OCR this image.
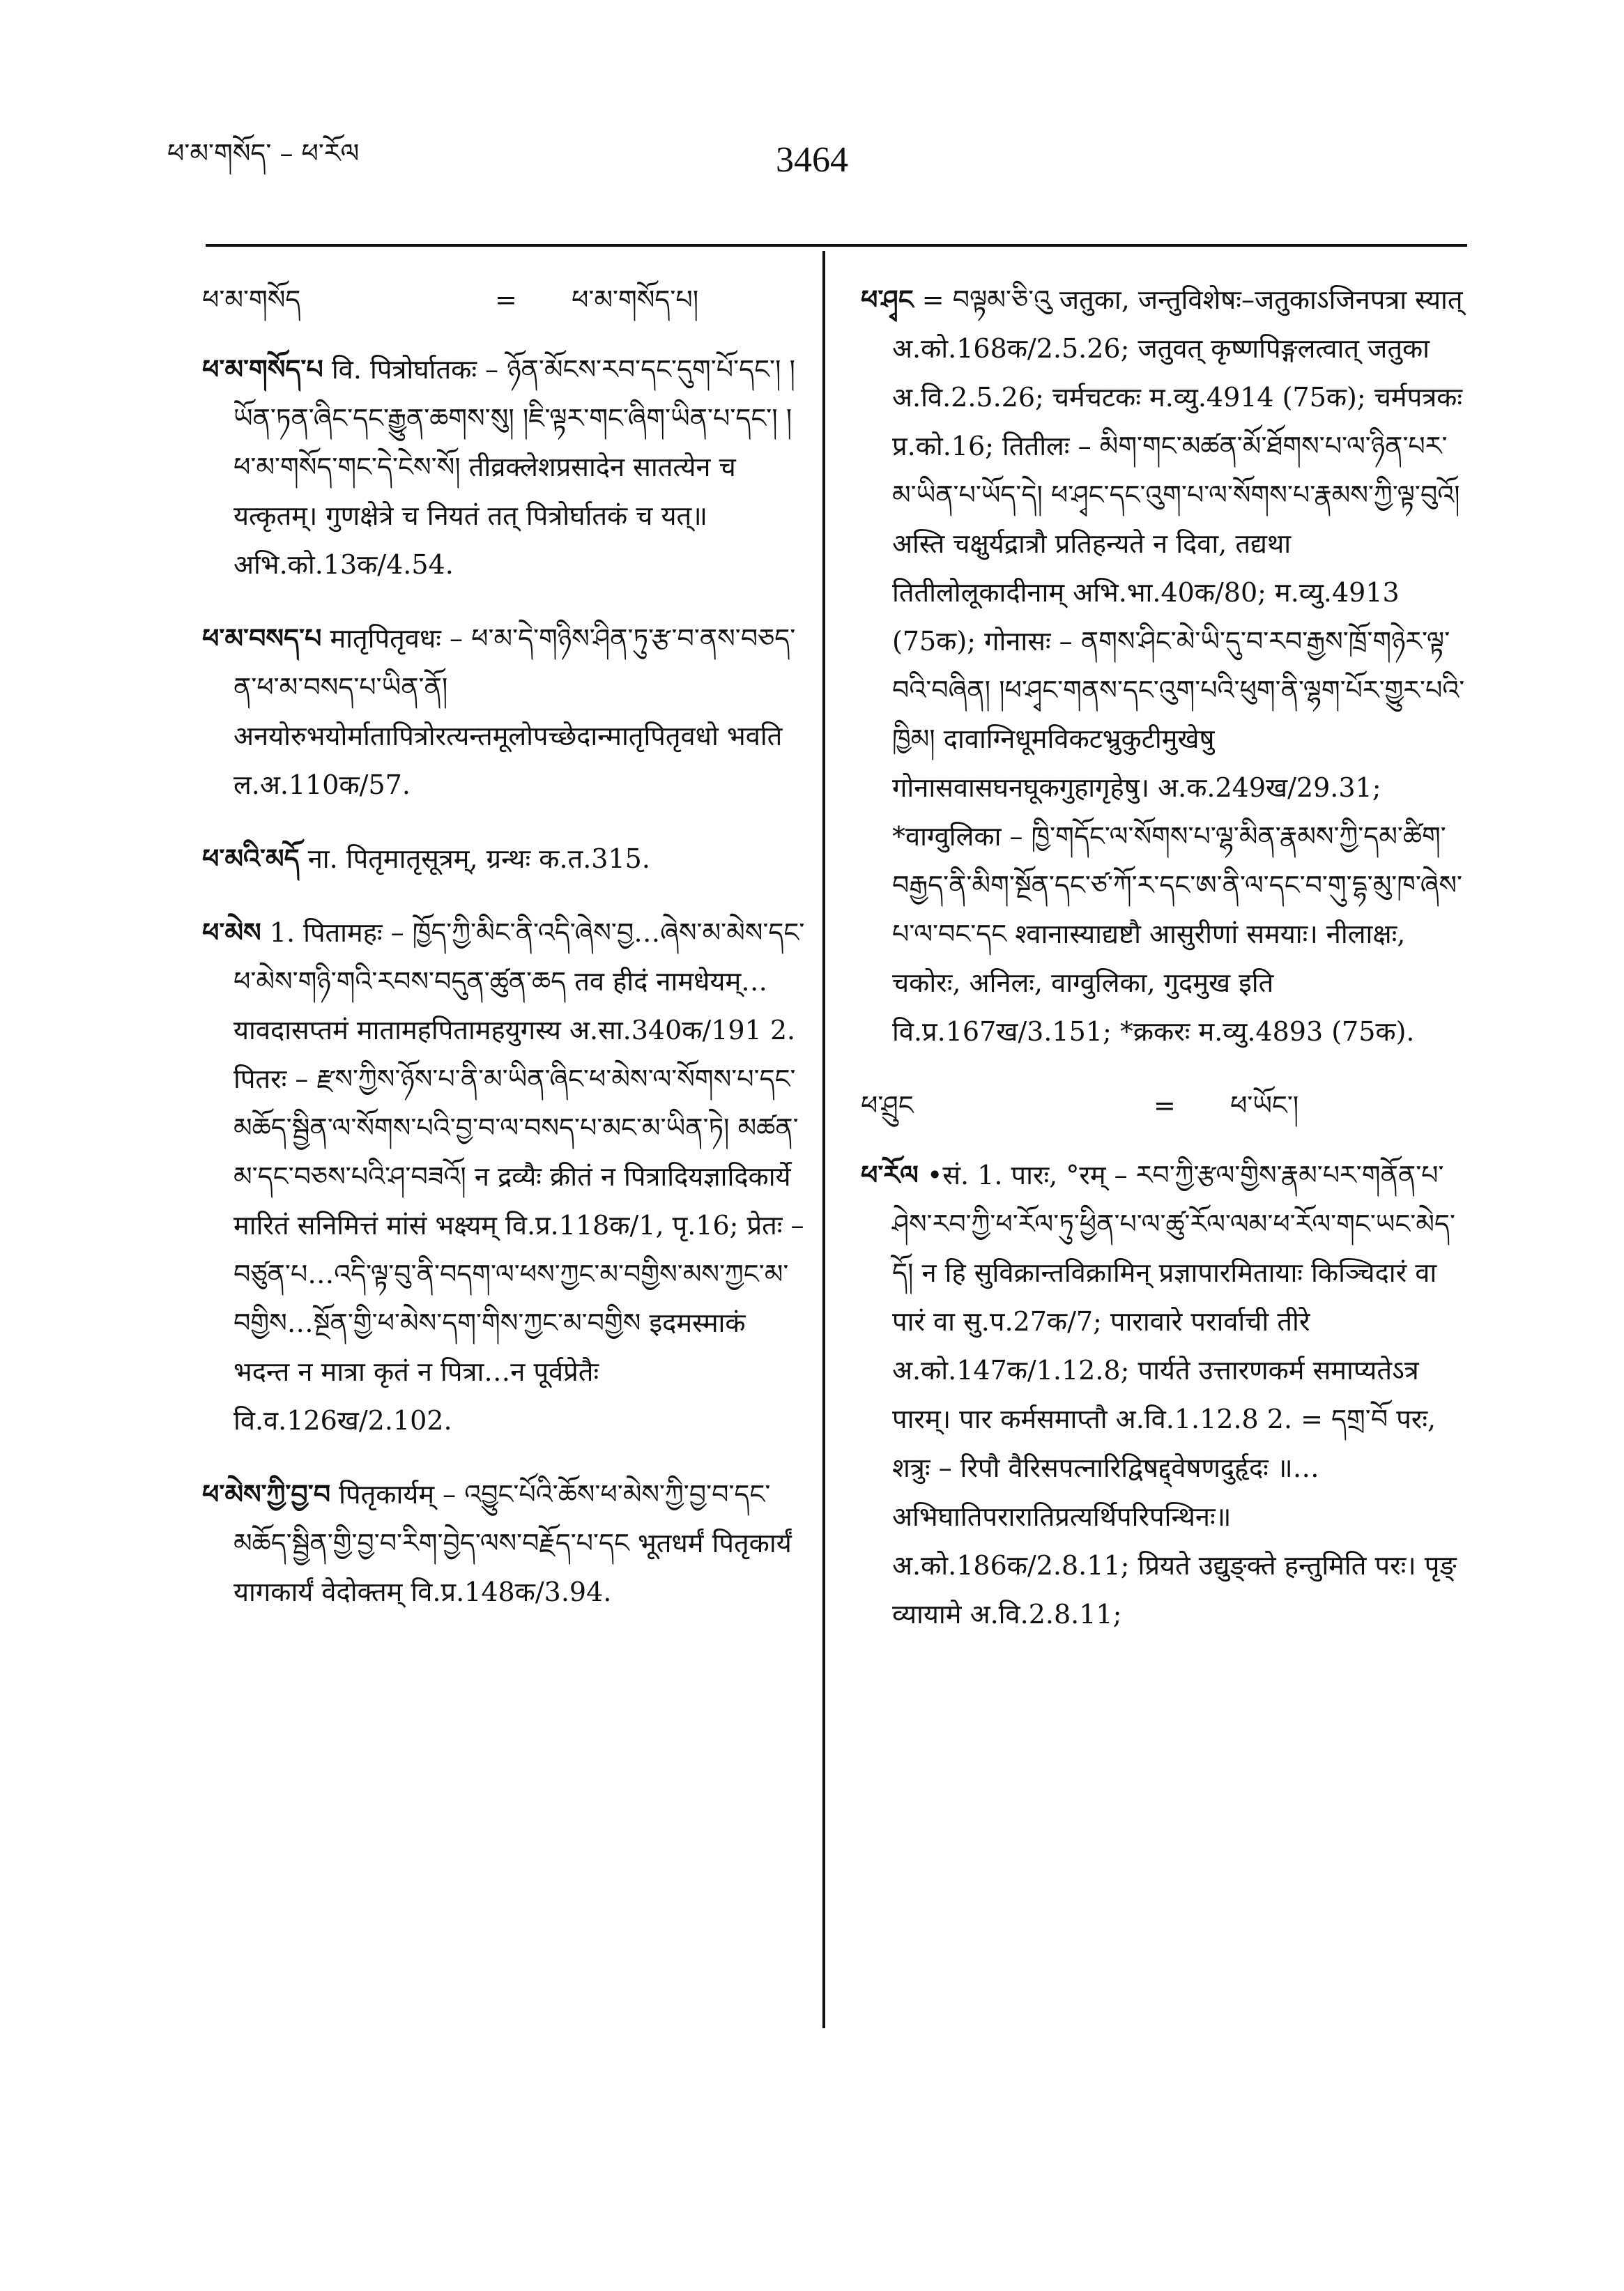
ཕ་མ་གསོད་ – ཕ་རོལ	3464
ཕ་མ་གསོད	=	ཕ་མ་གསོད་པ།

ཕ་མ་གསོད་པ वि. पित्रोर्घातकः – ཉོན་མོངས་རབ་དང་དུག་པོ་དང་། །ཡོན་ཏན་ཞིང་དང་རྒྱུན་ཆགས་སུ། །ཇི་ལྟར་གང་ཞིག་ཡིན་པ་དང་། །ཕ་མ་གསོད་གང་དེ་ངེས་སོ། तीव्रक्लेशप्रसादेन सातत्येन च यत्कृतम्। गुणक्षेत्रे च नियतं तत् पित्रोर्घातकं च यत्॥ अभि.को.13क/4.54.

ཕ་མ་བསད་པ मातृपितृवधः – ཕ་མ་དེ་གཉིས་ཤིན་ཏུ་རྩ་བ་ནས་བཅད་ན་ཕ་མ་བསད་པ་ཡིན་ནོ། अनयोरुभयोर्मातापित्रोरत्यन्तमूलोपच्छेदान्मातृपितृवधो भवति ल.अ.110क/57.

ཕ་མའི་མདོ ना. पितृमातृसूत्रम्, ग्रन्थः क.त.315.

ཕ་མེས 1. पितामहः – ཁྱོད་ཀྱི་མིང་ནི་འདི་ཞེས་བྱ…ཞེས་མ་མེས་དང་ཕ་མེས་གཉི་གའི་རབས་བདུན་ཚུན་ཆད तव हीदं नामधेयम्… यावदासप्तमं मातामहपितामहयुगस्य अ.सा.340क/191 2. पितरः – རྫས་ཀྱིས་ཉོས་པ་ནི་མ་ཡིན་ཞིང་ཕ་མེས་ལ་སོགས་པ་དང་མཆོད་སྦྱིན་ལ་སོགས་པའི་བྱ་བ་ལ་བསད་པ་མང་མ་ཡིན་ཏེ། མཚན་མ་དང་བཅས་པའི་ཤ་བཟའོ། न द्रव्यैः क्रीतं न पित्रादियज्ञादिकार्ये मारितं सनिमित्तं मांसं भक्ष्यम् वि.प्र.118क/1, पृ.16; प्रेतः – བཙུན་པ…འདི་ལྟ་བུ་ནི་བདག་ལ་ཕས་ཀྱང་མ་བགྱིས་མས་ཀྱང་མ་བགྱིས…སྔོན་གྱི་ཕ་མེས་དག་གིས་ཀྱང་མ་བགྱིས इदमस्माकं भदन्त न मात्रा कृतं न पित्रा…न पूर्वप्रेतैः वि.व.126ख/2.102.

ཕ་མེས་ཀྱི་བྱ་བ पितृकार्यम् – འབྱུང་པོའི་ཆོས་ཕ་མེས་ཀྱི་བྱ་བ་དང་མཆོད་སྦྱིན་གྱི་བྱ་བ་རིག་བྱེད་ལས་བརྗོད་པ་དང भूतधर्मं पितृकार्यं यागकार्यं वेदोक्तम् वि.प्र.148क/3.94.

ཕ་ཤྭང = བལྟམ་ཅི་འུ जतुका, जन्तुविशेषः–जतुकाऽजिनपत्रा स्यात् अ.को.168क/2.5.26; जतुवत् कृष्णपिङ्गलत्वात् जतुका अ.वि.2.5.26; चर्मचटकः म.व्यु.4914 (75क); चर्मपत्रकः प्र.को.16; तितीलः – མིག་གང་མཚན་མོ་ཐོགས་པ་ལ་ཉིན་པར་མ་ཡིན་པ་ཡོད་དེ། ཕ་ཤྭང་དང་འུག་པ་ལ་སོགས་པ་རྣམས་ཀྱི་ལྟ་བུའོ། अस्ति चक्षुर्यद्रात्रौ प्रतिहन्यते न दिवा, तद्यथा तितीलोलूकादीनाम् अभि.भा.40क/80; म.व्यु.4913 (75क); गोनासः – ནགས་ཤིང་མེ་ཡི་དུ་བ་རབ་རྒྱས་ཁྲོ་གཉེར་ལྟ་བའི་བཞིན། །ཕ་ཤྭང་གནས་དང་འུག་པའི་ཕུག་ནི་ལྷག་པོར་གྱུར་པའི་ཁྱིམ། दावाग्निधूमविकटभ्रुकुटीमुखेषु गोनासवासघनघूकगुहागृहेषु। अ.क.249ख/29.31; *वाग्वुलिका – ཁྱི་གདོང་ལ་སོགས་པ་ལྷ་མིན་རྣམས་ཀྱི་དམ་ཚིག་བརྒྱད་ནི་མིག་སྔོན་དང་ཙ་ཀོ་ར་དང་ཨ་ནི་ལ་དང་བ་གུ་དྷ་མུ་ཁ་ཞེས་པ་ལ་བང་དང श्वानास्याद्यष्टौ आसुरीणां समयाः। नीलाक्षः, चकोरः, अनिलः, वाग्वुलिका, गुदमुख इति वि.प्र.167ख/3.151; *क्रकरः म.व्यु.4893 (75क).

ཕ་ཤྲུང	=	ཕ་ཡོང་།

ཕ་རོལ •सं. 1. पारः, °रम् – རབ་ཀྱི་རྩལ་གྱིས་རྣམ་པར་གནོན་པ་ཤེས་རབ་ཀྱི་ཕ་རོལ་ཏུ་ཕྱིན་པ་ལ་ཚུ་རོལ་ལམ་ཕ་རོལ་གང་ཡང་མེད་དོ། न हि सुविक्रान्तविक्रामिन् प्रज्ञापारमितायाः किञ्चिदारं वा पारं वा सु.प.27क/7; पारावारे परार्वाची तीरे अ.को.147क/1.12.8; पार्यते उत्तारणकर्म समाप्यतेऽत्र पारम्। पार कर्मसमाप्तौ अ.वि.1.12.8 2. = དགྲ་བོ परः, शत्रुः – रिपौ वैरिसपत्नारिद्विषद्द्वेषणदुर्हृदः ॥… अभिघातिपरारातिप्रत्यर्थिपरिपन्थिनः॥ अ.को.186क/2.8.11; प्रियते उद्युङ्क्ते हन्तुमिति परः। पृङ् व्यायामे अ.वि.2.8.11;
